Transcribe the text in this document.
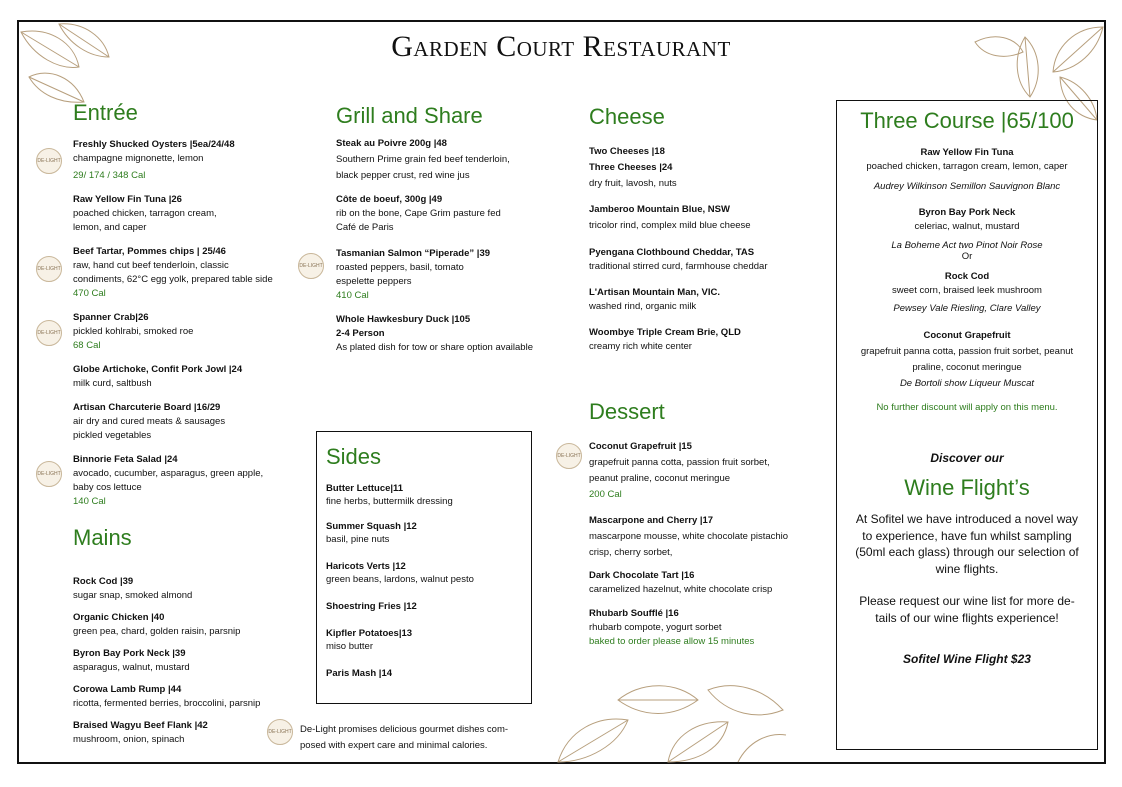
Garden Court Restaurant
Entrée
Freshly Shucked Oysters |5ea/24/48
champagne mignonette, lemon
29/ 174 / 348 Cal
Raw Yellow Fin Tuna |26
poached chicken, tarragon cream,
lemon, and caper
Beef Tartar, Pommes chips | 25/46
raw, hand cut beef tenderloin, classic
condiments, 62°C egg yolk, prepared table side
470 Cal
Spanner Crab|26
pickled kohlrabi, smoked roe
68 Cal
Globe Artichoke, Confit Pork Jowl |24
milk curd, saltbush
Artisan Charcuterie Board |16/29
air dry and cured meats & sausages
pickled vegetables
Binnorie Feta Salad |24
avocado, cucumber, asparagus, green apple,
baby cos lettuce
140 Cal
DE-LIGHT
DE-LIGHT
DE-LIGHT
DE-LIGHT
Mains
Rock Cod |39
sugar snap, smoked almond
Organic Chicken |40
green pea, chard, golden raisin, parsnip
Byron Bay Pork Neck |39
asparagus, walnut, mustard
Corowa Lamb Rump |44
ricotta, fermented berries, broccolini, parsnip
Braised Wagyu Beef Flank |42
mushroom, onion, spinach
Grill and Share
Steak au Poivre 200g |48
Southern Prime grain fed beef tenderloin,
black pepper crust, red wine jus
Côte de boeuf, 300g |49
rib on the bone, Cape Grim pasture fed
Café de Paris
Tasmanian Salmon “Piperade” |39
roasted peppers, basil, tomato
espelette peppers
410 Cal
Whole Hawkesbury Duck |105
2-4 Person
As plated dish for tow or share option available
DE-LIGHT
Sides
Butter Lettuce|11
fine herbs, buttermilk dressing
Summer Squash |12
basil, pine nuts
Haricots Verts |12
green beans, lardons, walnut pesto
Shoestring Fries |12
Kipfler Potatoes|13
miso butter
Paris Mash |14
DE-LIGHT De-Light promises delicious gourmet dishes com-
posed with expert care and minimal calories.
Cheese
Two Cheeses |18
Three Cheeses |24
dry fruit, lavosh, nuts
Jamberoo Mountain Blue, NSW
tricolor rind, complex mild blue cheese
Pyengana Clothbound Cheddar, TAS
traditional stirred curd, farmhouse cheddar
L'Artisan Mountain Man, VIC.
washed rind, organic milk
Woombye Triple Cream Brie, QLD
creamy rich white center
Dessert
Coconut Grapefruit |15
grapefruit panna cotta, passion fruit sorbet,
peanut praline, coconut meringue
200 Cal
Mascarpone and Cherry |17
mascarpone mousse, white chocolate pistachio
crisp, cherry sorbet,
Dark Chocolate Tart |16
caramelized hazelnut, white chocolate crisp
Rhubarb Soufflé |16
rhubarb compote, yogurt sorbet
baked to order please allow 15 minutes
DE-LIGHT
Three Course |65/100
Raw Yellow Fin Tuna
poached chicken, tarragon cream, lemon, caper
Audrey Wilkinson Semillon Sauvignon Blanc
Byron Bay Pork Neck
celeriac, walnut, mustard
La Boheme Act two Pinot Noir Rose
Or
Rock Cod
sweet corn, braised leek mushroom
Pewsey Vale Riesling, Clare Valley
Coconut Grapefruit
grapefruit panna cotta, passion fruit sorbet, peanut
praline, coconut meringue
De Bortoli show Liqueur Muscat
No further discount will apply on this menu.
Discover our
Wine Flight’s
At Sofitel we have introduced a novel way
to experience, have fun whilst sampling
(50ml each glass) through our selection of
wine flights.
Please request our wine list for more de-
tails of our wine flights experience!
Sofitel Wine Flight $23
